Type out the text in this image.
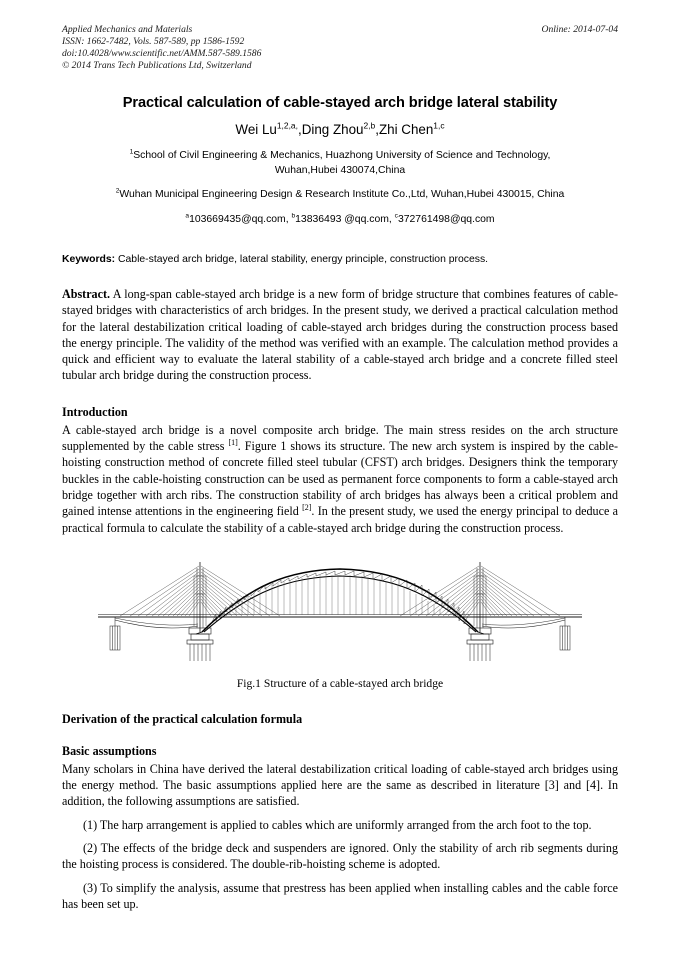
Applied Mechanics and Materials
ISSN: 1662-7482, Vols. 587-589, pp 1586-1592
doi:10.4028/www.scientific.net/AMM.587-589.1586
© 2014 Trans Tech Publications Ltd, Switzerland
Online: 2014-07-04
Practical calculation of cable-stayed arch bridge lateral stability
Wei $Lu^{1,2,a,},Ding$ Zhou$^{2,b}$,Zhi Chen$^{1,c}$
$^1$School of Civil Engineering & Mechanics, Huazhong University of Science and Technology,
Wuhan,Hubei 430074,China
$^2$Wuhan Municipal Engineering Design & Research Institute Co.,Ltd, Wuhan,Hubei 430015, China
$^a$103669435@qq.com, $^b$13836493 @qq.com, $^c$372761498@qq.com
Keywords: Cable-stayed arch bridge, lateral stability, energy principle, construction process.
Abstract. A long-span cable-stayed arch bridge is a new form of bridge structure that combines features of cable-stayed bridges with characteristics of arch bridges. In the present study, we derived a practical calculation method for the lateral destabilization critical loading of cable-stayed arch bridges during the construction process based the energy principle. The validity of the method was verified with an example. The calculation method provides a quick and efficient way to evaluate the lateral stability of a cable-stayed arch bridge and a concrete filled steel tubular arch bridge during the construction process.
Introduction
A cable-stayed arch bridge is a novel composite arch bridge. The main stress resides on the arch structure supplemented by the cable stress [1]. Figure 1 shows its structure. The new arch system is inspired by the cable-hoisting construction method of concrete filled steel tubular (CFST) arch bridges. Designers think the temporary buckles in the cable-hoisting construction can be used as permanent force components to form a cable-stayed arch bridge together with arch ribs. The construction stability of arch bridges has always been a critical problem and gained intense attentions in the engineering field [2]. In the present study, we used the energy principal to deduce a practical formula to calculate the stability of a cable-stayed arch bridge during the construction process.
Fig.1 Structure of a cable-stayed arch bridge
Derivation of the practical calculation formula
Basic assumptions
Many scholars in China have derived the lateral destabilization critical loading of cable-stayed arch bridges using the energy method. The basic assumptions applied here are the same as described in literature [3] and [4]. In addition, the following assumptions are satisfied.
(1) The harp arrangement is applied to cables which are uniformly arranged from the arch foot to the top.
(2) The effects of the bridge deck and suspenders are ignored. Only the stability of arch rib segments during the hoisting process is considered. The double-rib-hoisting scheme is adopted.
(3) To simplify the analysis, assume that prestress has been applied when installing cables and the cable force has been set up.
